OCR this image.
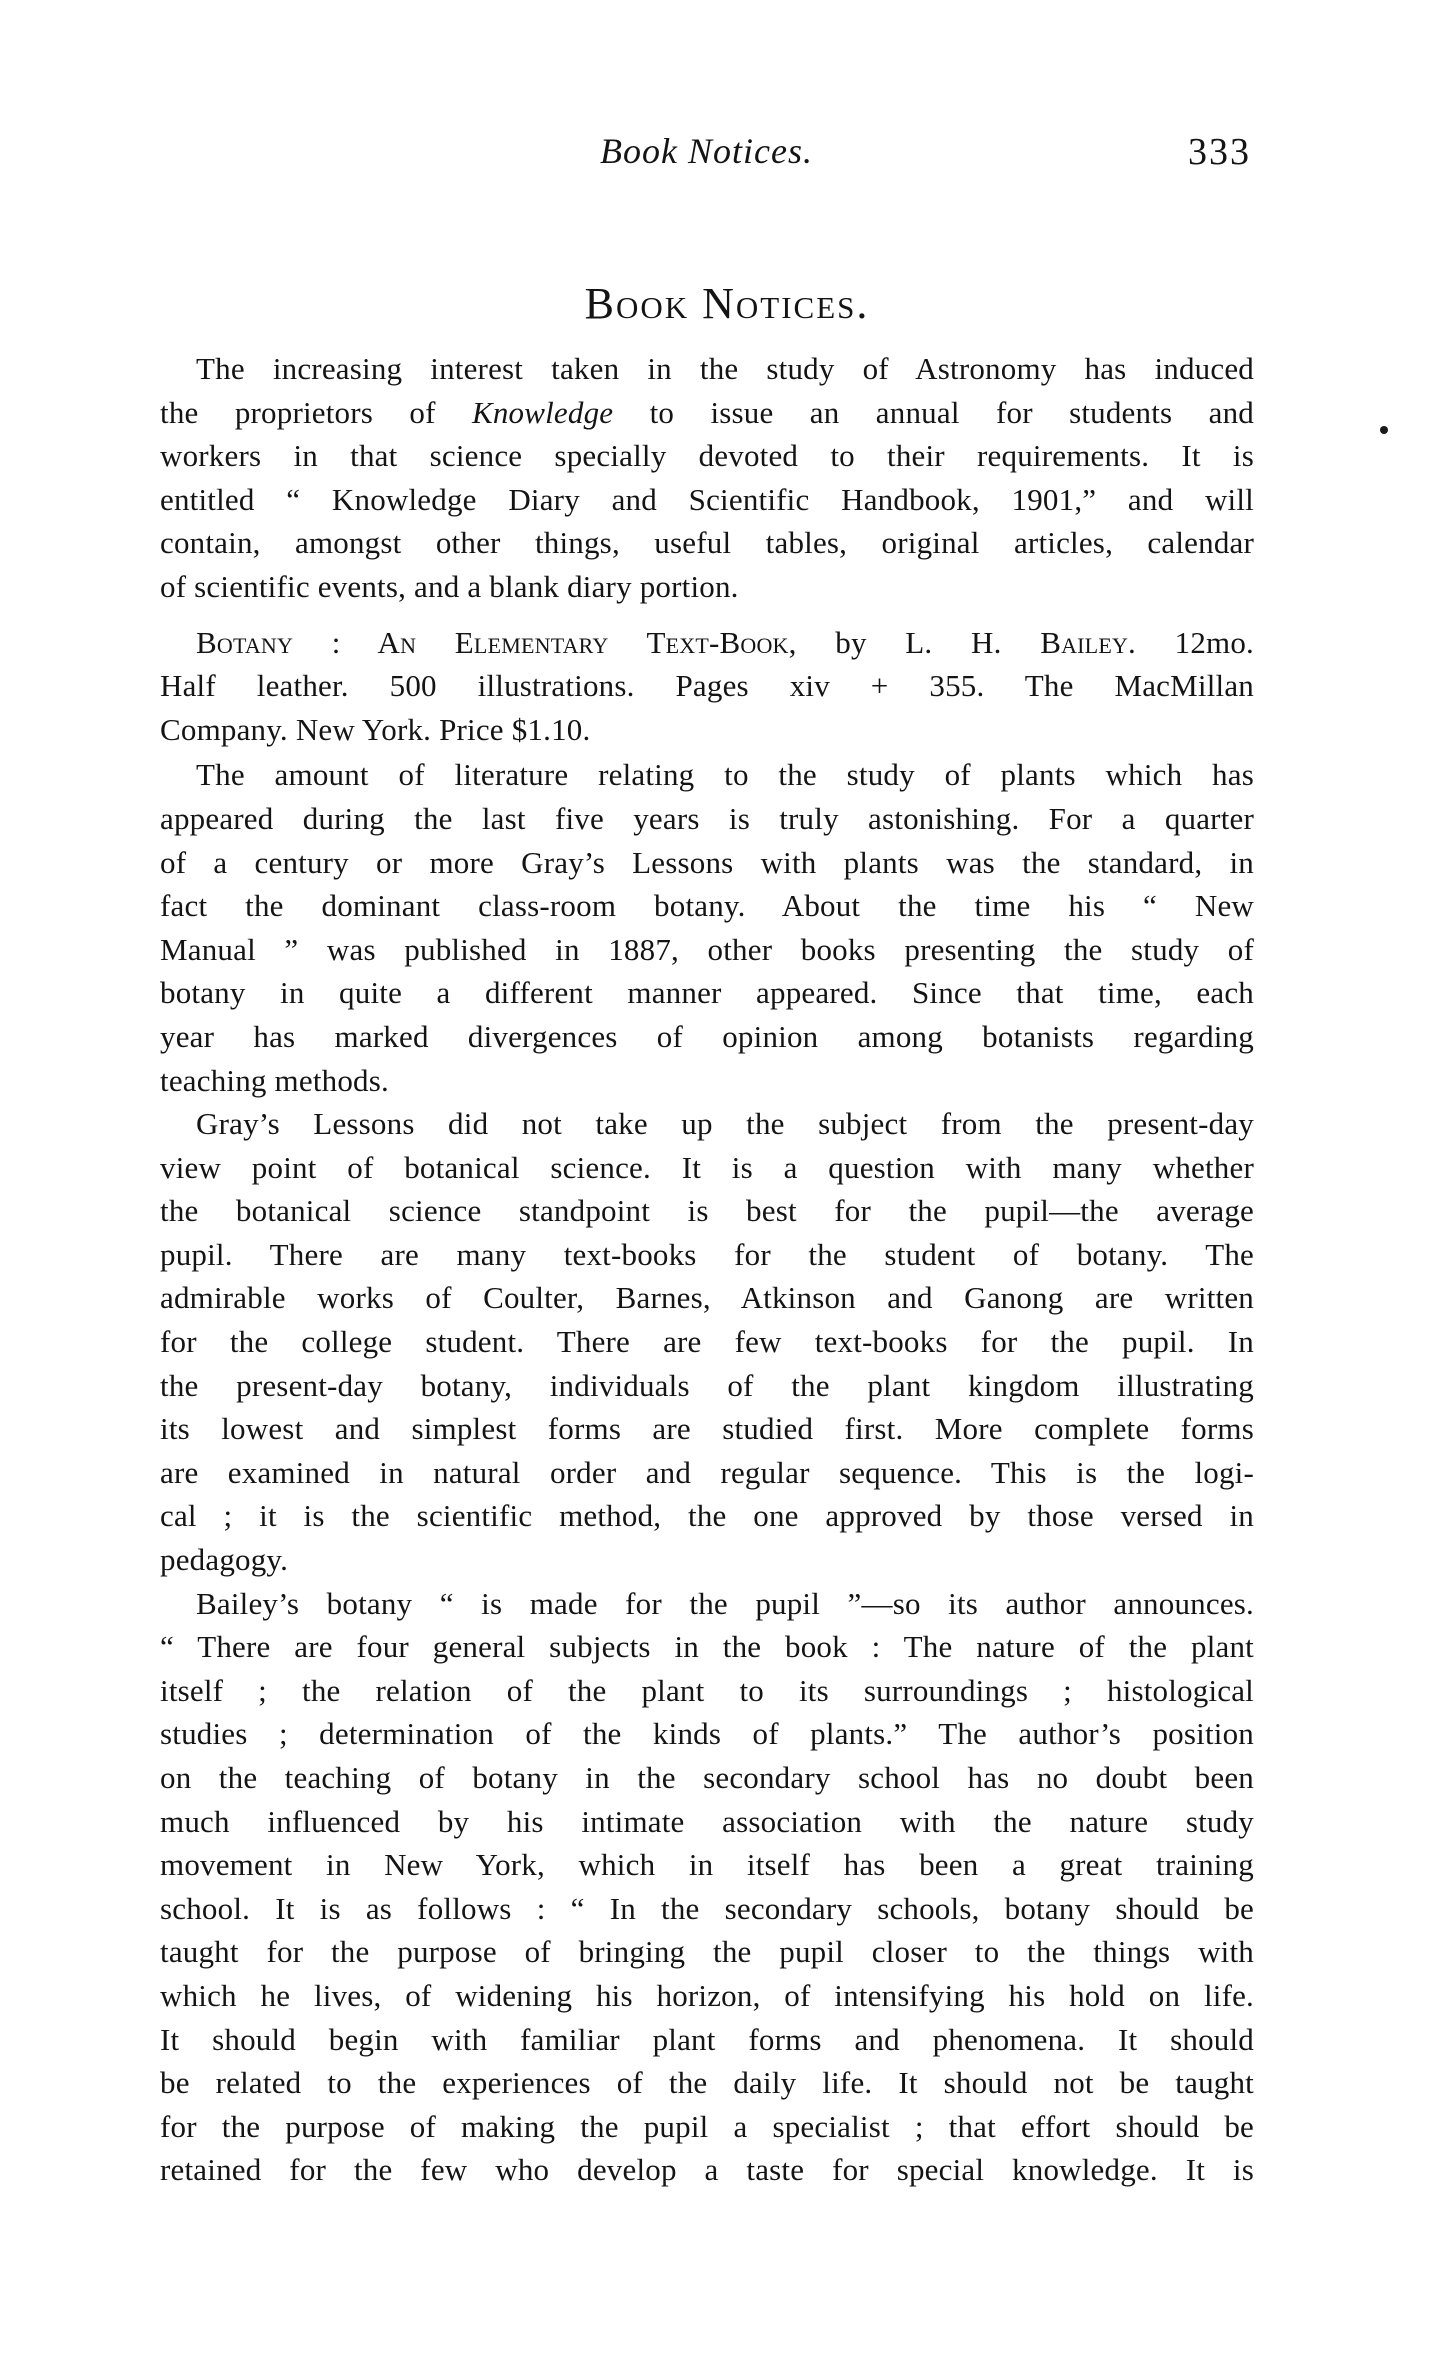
Book Notices.	333
Book Notices.
The increasing interest taken in the study of Astronomy has induced
the proprietors of Knowledge to issue an annual for students and
workers in that science specially devoted to their requirements. It is
entitled “ Knowledge Diary and Scientific Handbook, 1901,” and will
contain, amongst other things, useful tables, original articles, calendar
of scientific events, and a blank diary portion.
Botany : An Elementary Text-Book, by L. H. Bailey. 12mo.
Half leather. 500 illustrations. Pages xiv + 355. The MacMillan
Company. New York. Price $1.10.
The amount of literature relating to the study of plants which has
appeared during the last five years is truly astonishing. For a quarter
of a century or more Gray’s Lessons with plants was the standard, in
fact the dominant class-room botany. About the time his “ New
Manual ” was published in 1887, other books presenting the study of
botany in quite a different manner appeared. Since that time, each
year has marked divergences of opinion among botanists regarding
teaching methods.
Gray’s Lessons did not take up the subject from the present-day
view point of botanical science. It is a question with many whether
the botanical science standpoint is best for the pupil—the average
pupil. There are many text-books for the student of botany. The
admirable works of Coulter, Barnes, Atkinson and Ganong are written
for the college student. There are few text-books for the pupil. In
the present-day botany, individuals of the plant kingdom illustrating
its lowest and simplest forms are studied first. More complete forms
are examined in natural order and regular sequence. This is the logi-
cal ; it is the scientific method, the one approved by those versed in
pedagogy.
Bailey’s botany “ is made for the pupil ”—so its author announces.
“ There are four general subjects in the book : The nature of the plant
itself ; the relation of the plant to its surroundings ; histological
studies ; determination of the kinds of plants.” The author’s position
on the teaching of botany in the secondary school has no doubt been
much influenced by his intimate association with the nature study
movement in New York, which in itself has been a great training
school. It is as follows : “ In the secondary schools, botany should be
taught for the purpose of bringing the pupil closer to the things with
which he lives, of widening his horizon, of intensifying his hold on life.
It should begin with familiar plant forms and phenomena. It should
be related to the experiences of the daily life. It should not be taught
for the purpose of making the pupil a specialist ; that effort should be
retained for the few who develop a taste for special knowledge. It is
